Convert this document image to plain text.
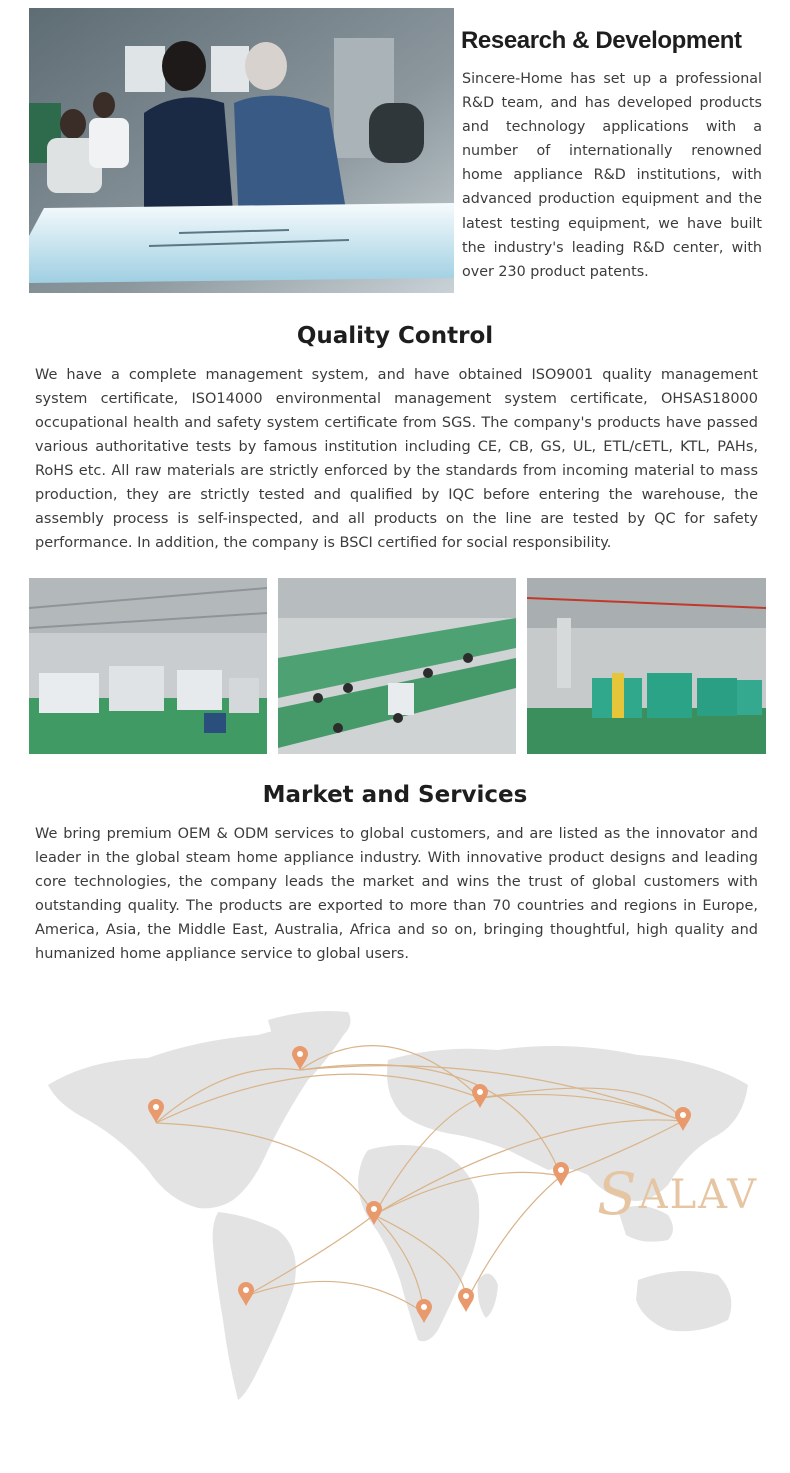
Research & Development

Sincere-Home has set up a professional R&D team, and has developed products and technology applications with a number of internationally renowned home appliance R&D institutions, with advanced production equipment and the latest testing equipment, we have built the industry's leading R&D center, with over 230 product patents.

Quality Control

We have a complete management system, and have obtained ISO9001 quality management system certificate, ISO14000 environmental management system certificate, OHSAS18000 occupational health and safety system certificate from SGS. The company's products have passed various authoritative tests by famous institution including CE, CB, GS, UL, ETL/cETL, KTL, PAHs, RoHS etc. All raw materials are strictly enforced by the standards from incoming material to mass production, they are strictly tested and qualified by IQC before entering the warehouse, the assembly process is self-inspected, and all products on the line are tested by QC for safety performance. In addition, the company is BSCI certified for social responsibility.

Market and Services

We bring premium OEM & ODM services to global customers, and are listed as the innovator and leader in the global steam home appliance industry. With innovative product designs and leading core technologies, the company leads the market and wins the trust of global customers with outstanding quality. The products are exported to more than 70 countries and regions in Europe, America, Asia, the Middle East, Australia, Africa and so on, bringing thoughtful, high quality and humanized home appliance service to global users.

SALAV
